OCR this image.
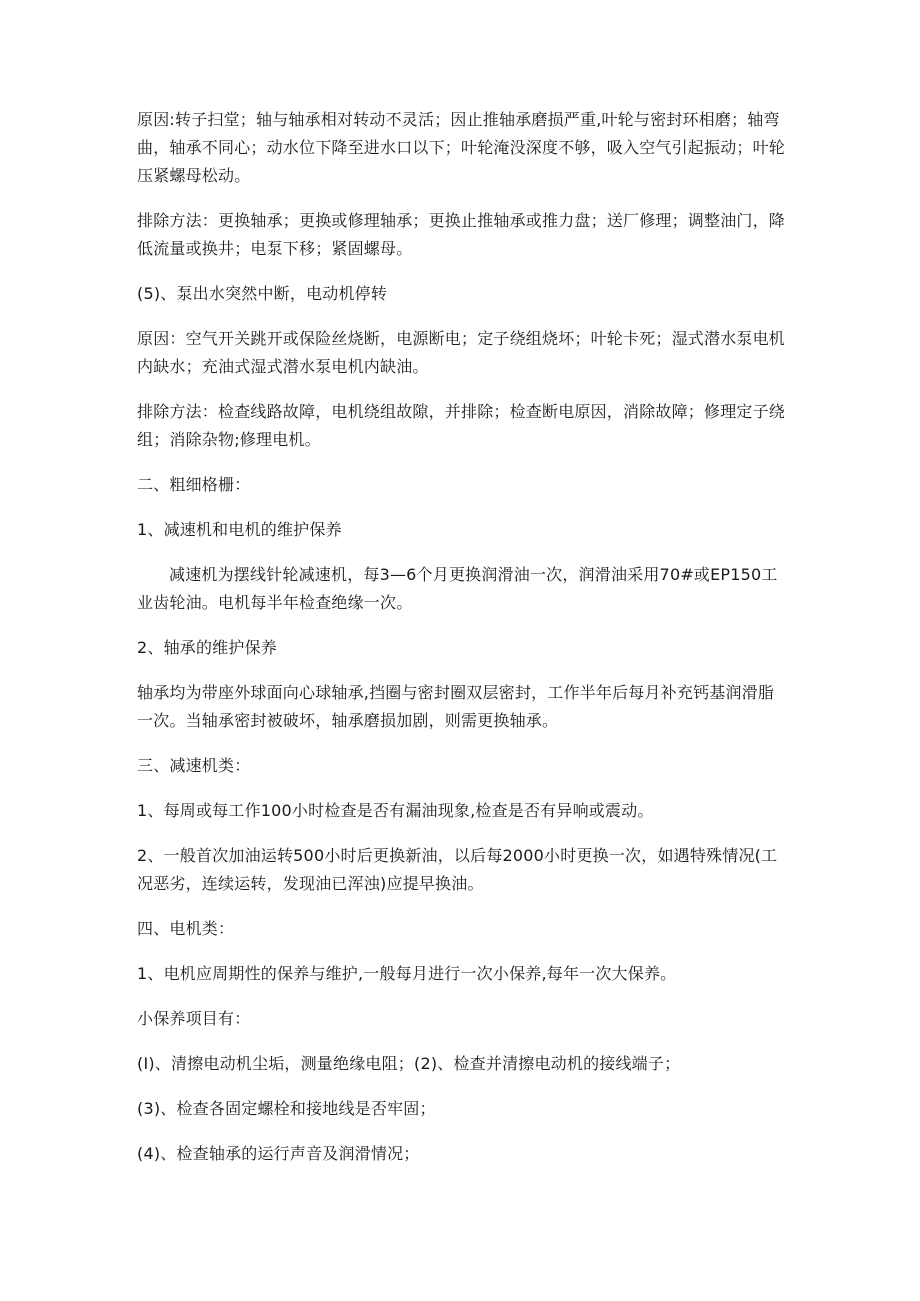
原因:转子扫堂；轴与轴承相对转动不灵活；因止推轴承磨损严重,叶轮与密封环相磨；轴弯曲，轴承不同心；动水位下降至进水口以下；叶轮淹没深度不够，吸入空气引起振动；叶轮压紧螺母松动。

排除方法：更换轴承；更换或修理轴承；更换止推轴承或推力盘；送厂修理；调整油门，降低流量或换井；电泵下移；紧固螺母。

(5)、泵出水突然中断，电动机停转

原因：空气开关跳开或保险丝烧断，电源断电；定子绕组烧坏；叶轮卡死；湿式潜水泵电机内缺水；充油式湿式潜水泵电机内缺油。

排除方法：检查线路故障，电机绕组故隙，并排除；检查断电原因，消除故障；修理定子绕组；消除杂物;修理电机。

二、粗细格栅：

1、减速机和电机的维护保养

减速机为摆线针轮减速机，每3—6个月更换润滑油一次，润滑油采用70#或EP150工业齿轮油。电机每半年检查绝缘一次。

2、轴承的维护保养

轴承均为带座外球面向心球轴承,挡圈与密封圈双层密封，工作半年后每月补充钙基润滑脂一次。当轴承密封被破坏，轴承磨损加剧，则需更换轴承。

三、减速机类：

1、每周或每工作100小时检查是否有漏油现象,检查是否有异响或震动。

2、一般首次加油运转500小时后更换新油，以后每2000小时更换一次，如遇特殊情况(工况恶劣，连续运转，发现油已浑浊)应提早换油。

四、电机类：

1、电机应周期性的保养与维护,一般每月进行一次小保养,每年一次大保养。

小保养项目有：

(I)、清擦电动机尘垢，测量绝缘电阻；(2)、检查并清擦电动机的接线端子；

(3)、检查各固定螺栓和接地线是否牢固；

(4)、检查轴承的运行声音及润滑情况；
